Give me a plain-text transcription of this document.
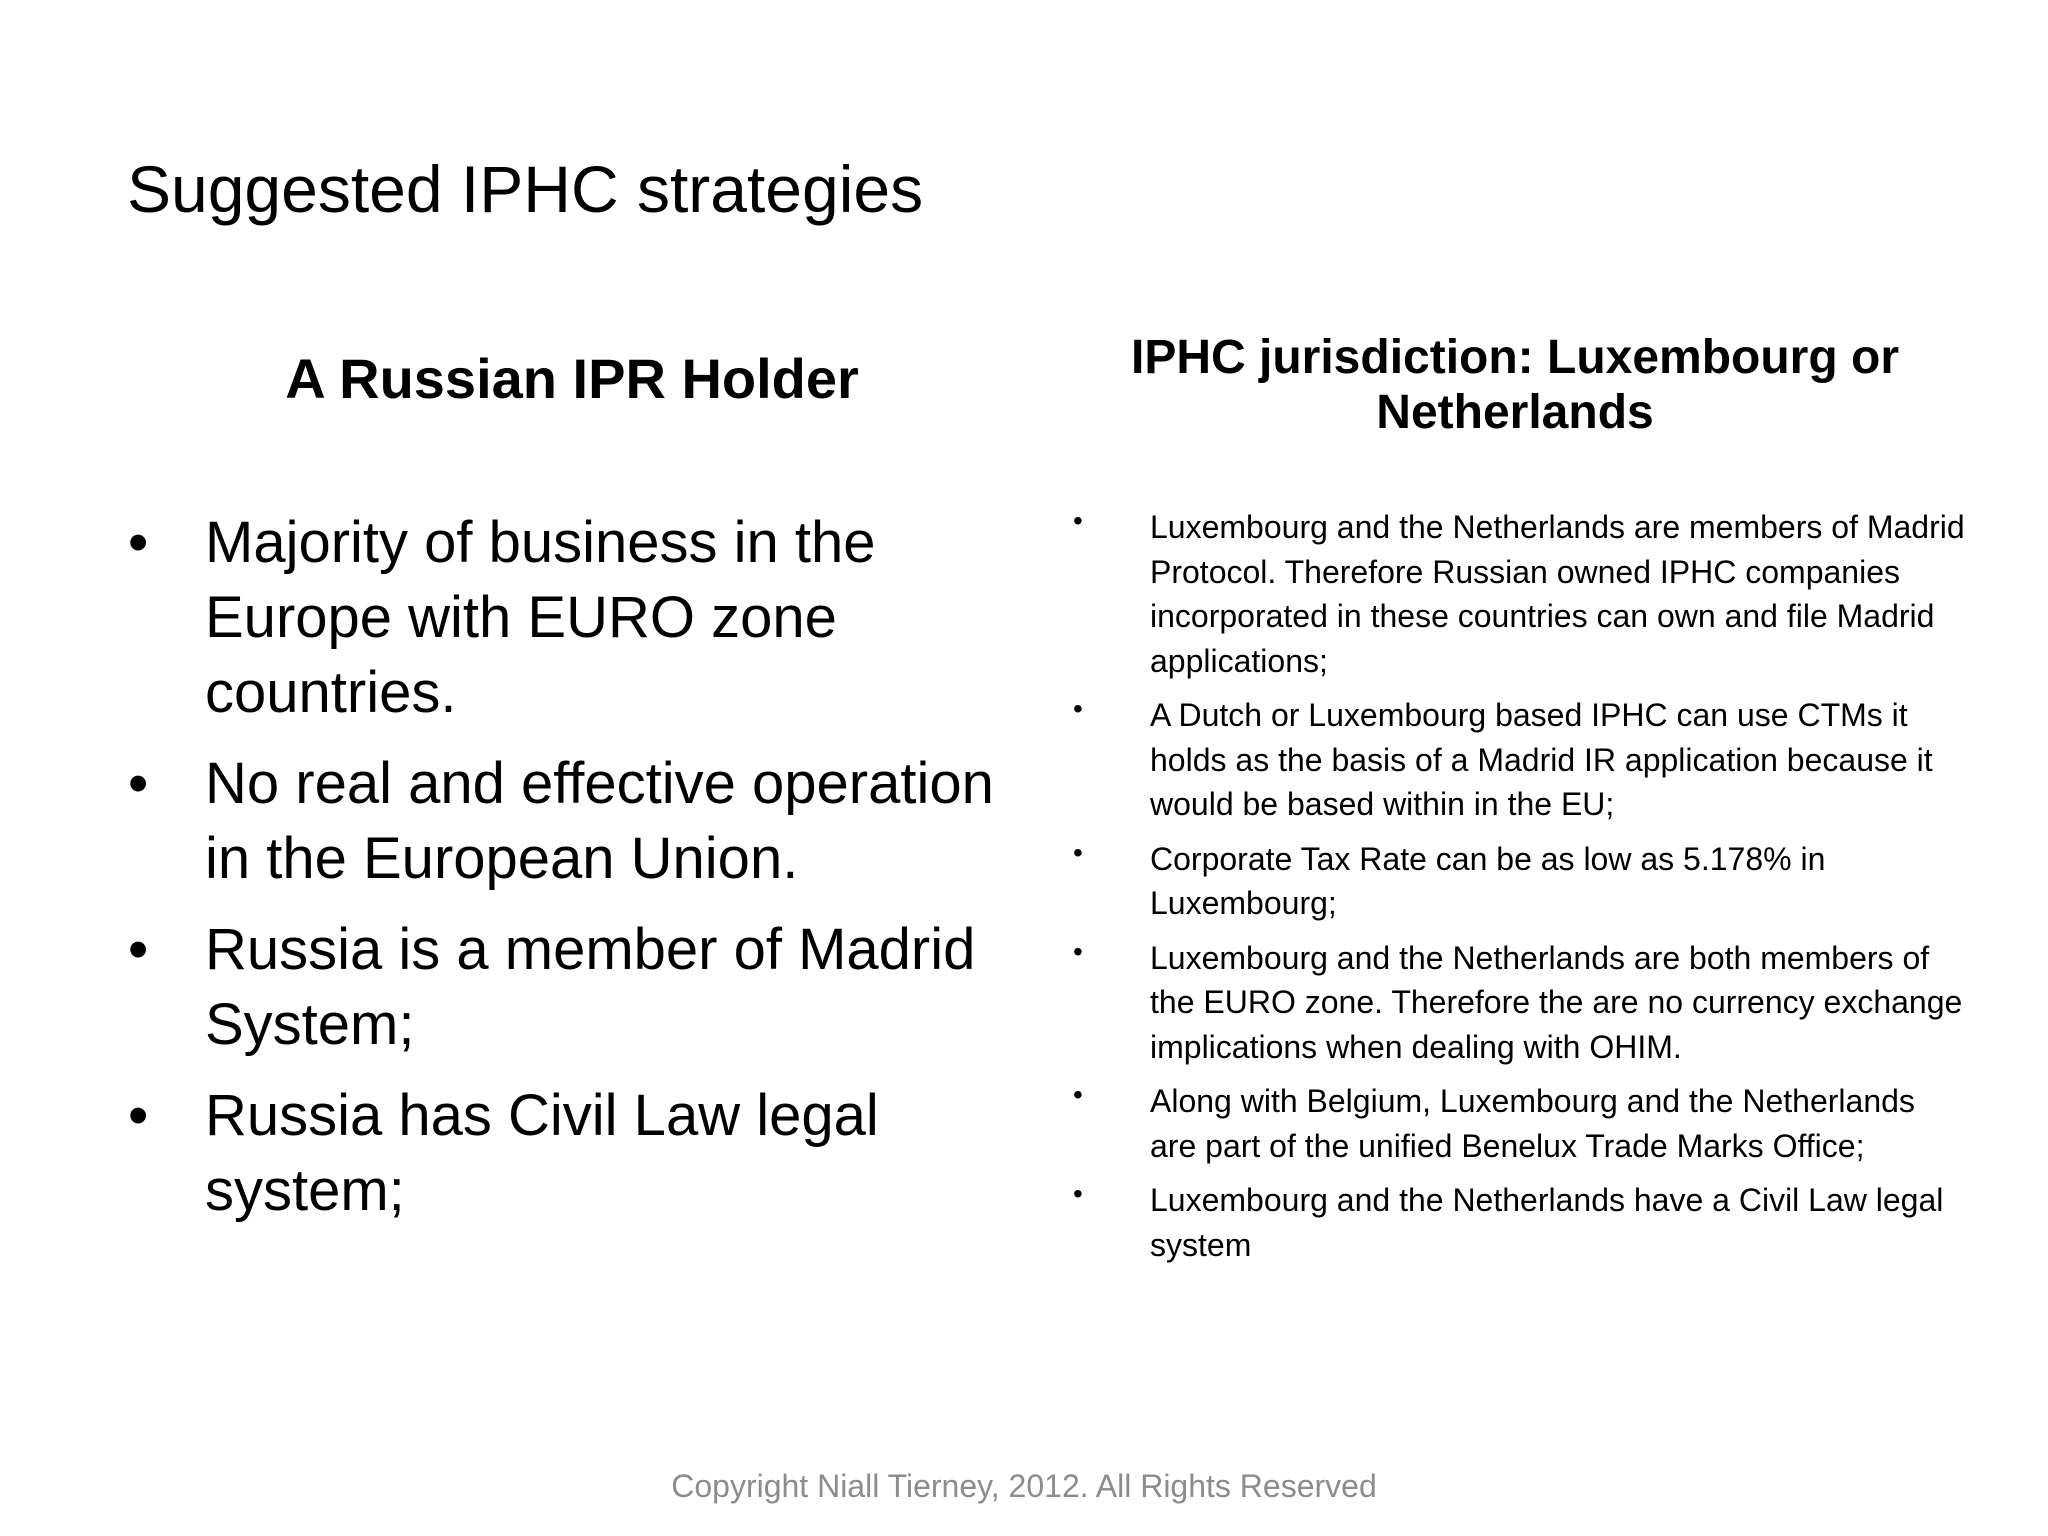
Suggested IPHC strategies
A Russian IPR Holder	IPHC jurisdiction: Luxembourg or Netherlands
• Majority of business in the Europe with EURO zone countries.
• No real and effective operation in the European Union.
• Russia is a member of Madrid System;
• Russia has Civil Law legal system;
• Luxembourg and the Netherlands are members of Madrid Protocol. Therefore Russian owned IPHC companies incorporated in these countries can own and file Madrid applications;
• A Dutch or Luxembourg based IPHC can use CTMs it holds as the basis of a Madrid IR application because it would be based within in the EU;
• Corporate Tax Rate can be as low as 5.178% in Luxembourg;
• Luxembourg and the Netherlands are both members of the EURO zone. Therefore the are no currency exchange implications when dealing with OHIM.
• Along with Belgium, Luxembourg and the Netherlands are part of the unified Benelux Trade Marks Office;
• Luxembourg and the Netherlands have a Civil Law legal system

Copyright Niall Tierney, 2012. All Rights Reserved
